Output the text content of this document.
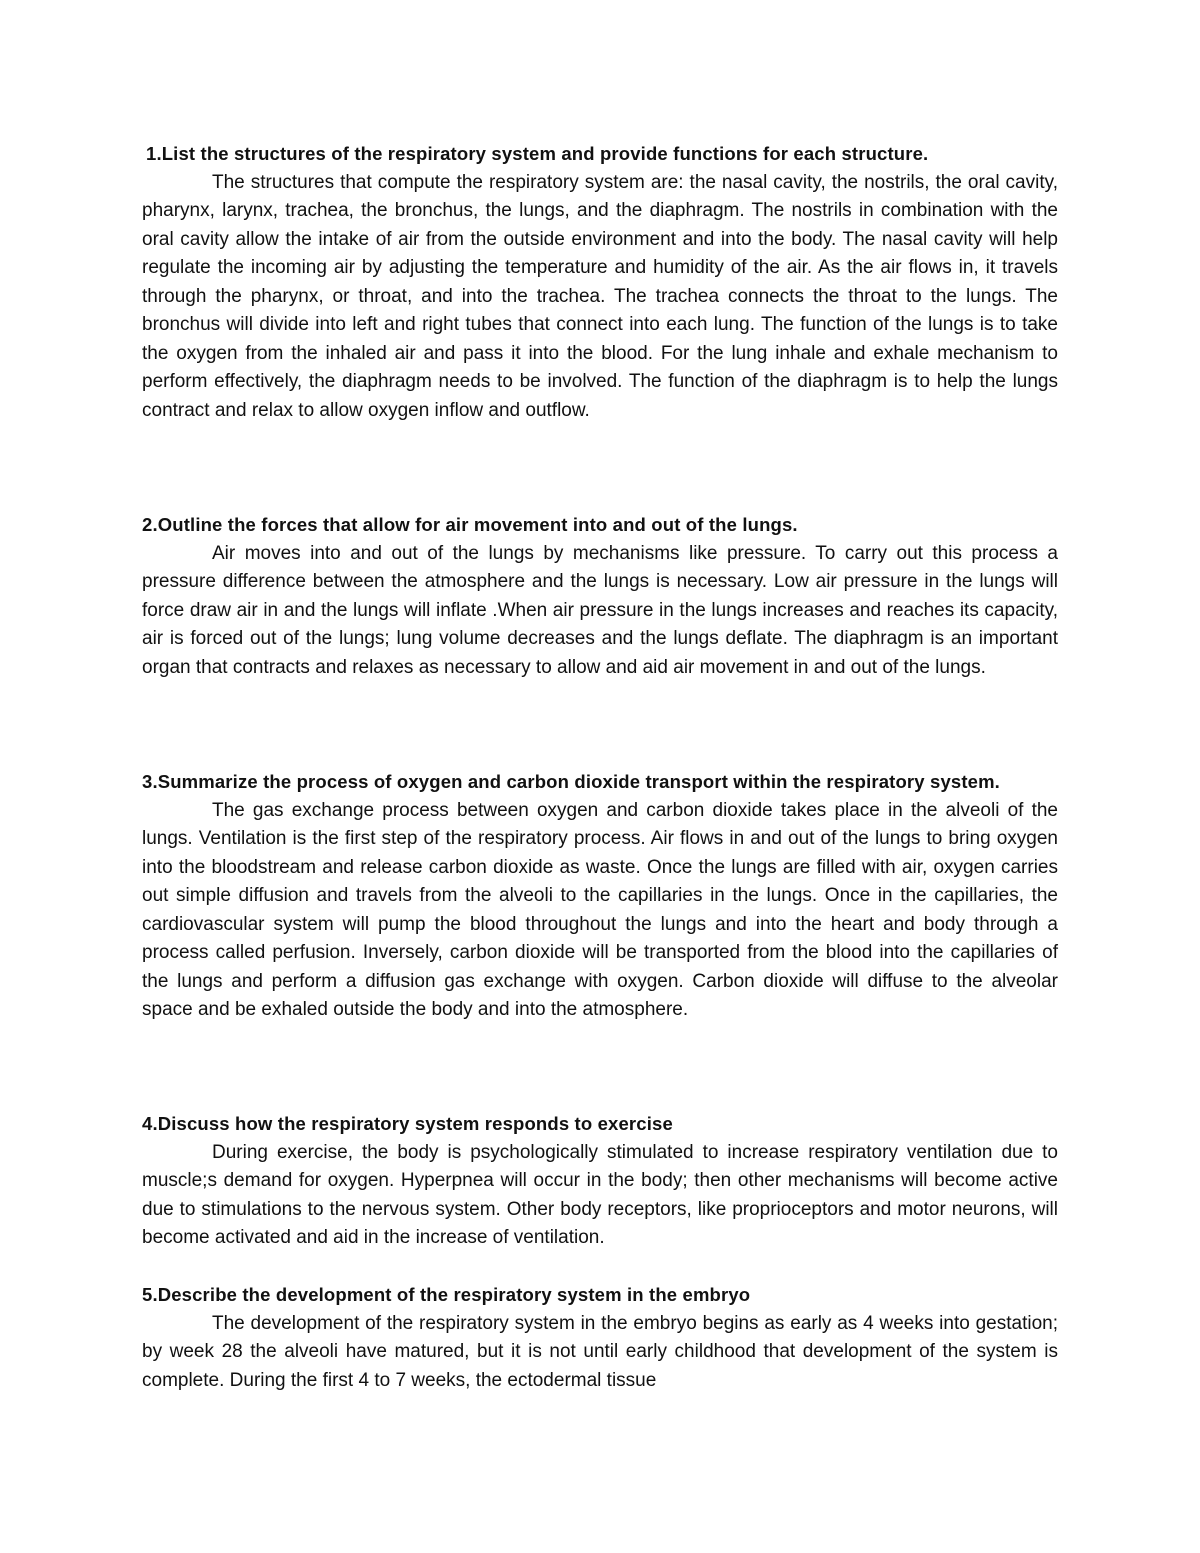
1.List the structures of the respiratory system and provide functions for each structure.

The structures that compute the respiratory system are: the nasal cavity, the nostrils, the oral cavity, pharynx, larynx, trachea, the bronchus, the lungs, and the diaphragm. The nostrils in combination with the oral cavity allow the intake of air from the outside environment and into the body. The nasal cavity will help regulate the incoming air by adjusting the temperature and humidity of the air. As the air flows in, it travels through the pharynx, or throat, and into the trachea. The trachea connects the throat to the lungs. The bronchus will divide into left and right tubes that connect into each lung. The function of the lungs is to take the oxygen from the inhaled air and pass it into the blood. For the lung inhale and exhale mechanism to perform effectively, the diaphragm needs to be involved. The function of the diaphragm is to help the lungs contract and relax to allow oxygen inflow and outflow.

2.Outline the forces that allow for air movement into and out of the lungs.

Air moves into and out of the lungs by mechanisms like pressure. To carry out this process a pressure difference between the atmosphere and the lungs is necessary. Low air pressure in the lungs will force draw air in and the lungs will inflate .When air pressure in the lungs increases and reaches its capacity, air is forced out of the lungs; lung volume decreases and the lungs deflate. The diaphragm is an important organ that contracts and relaxes as necessary to allow and aid air movement in and out of the lungs.

3.Summarize the process of oxygen and carbon dioxide transport within the respiratory system.

The gas exchange process between oxygen and carbon dioxide takes place in the alveoli of the lungs. Ventilation is the first step of the respiratory process. Air flows in and out of the lungs to bring oxygen into the bloodstream and release carbon dioxide as waste. Once the lungs are filled with air, oxygen carries out simple diffusion and travels from the alveoli to the capillaries in the lungs. Once in the capillaries, the cardiovascular system will pump the blood throughout the lungs and into the heart and body through a process called perfusion. Inversely, carbon dioxide will be transported from the blood into the capillaries of the lungs and perform a diffusion gas exchange with oxygen. Carbon dioxide will diffuse to the alveolar space and be exhaled outside the body and into the atmosphere.

4.Discuss how the respiratory system responds to exercise

During exercise, the body is psychologically stimulated to increase respiratory ventilation due to muscle;s demand for oxygen. Hyperpnea will occur in the body; then other mechanisms will become active due to stimulations to the nervous system. Other body receptors, like proprioceptors and motor neurons, will become activated and aid in the increase of ventilation.

5.Describe the development of the respiratory system in the embryo

The development of the respiratory system in the embryo begins as early as 4 weeks into gestation; by week 28 the alveoli have matured, but it is not until early childhood that development of the system is complete. During the first 4 to 7 weeks, the ectodermal tissue
